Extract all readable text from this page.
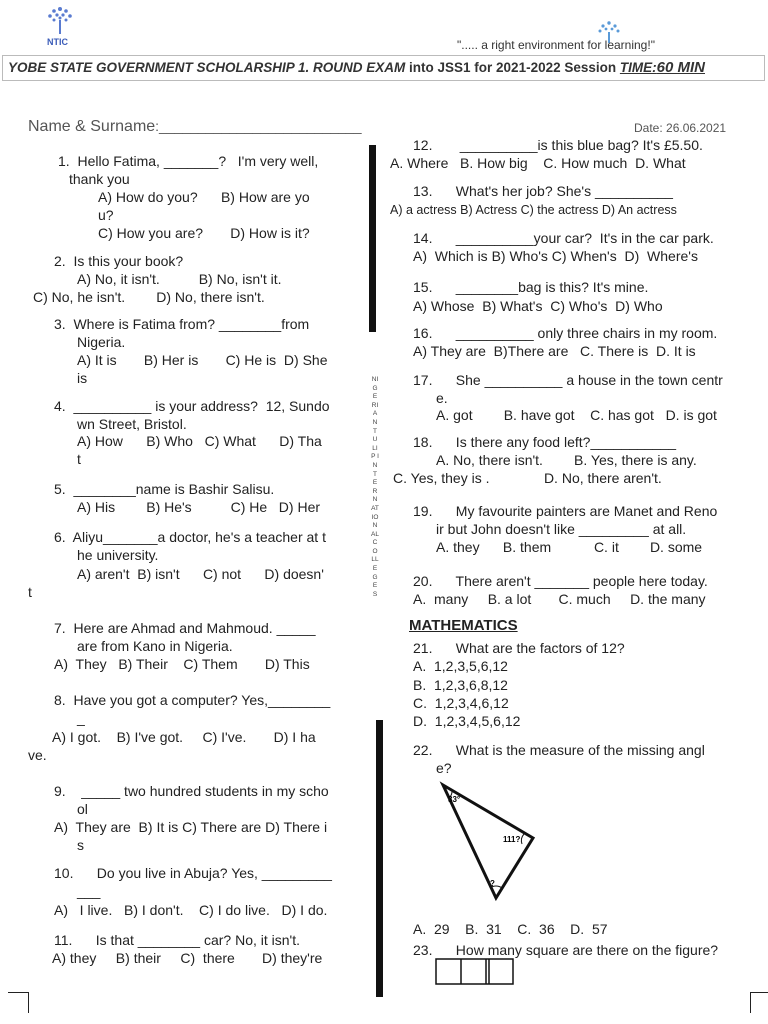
NTIC	"..... a right environment for learning!"
YOBE STATE GOVERNMENT SCHOLARSHIP 1. ROUND EXAM into JSS1 for 2021-2022 Session TIME:60 MIN
Name & Surname:__________________________	Date: 26.06.2021
NIGERIAN TULIP INTERNATIONAL COLLEGES
1.  Hello Fatima, _______?   I'm very well,
thank you
A) How do you?      B) How are yo
u?
C) How you are?       D) How is it?
2.  Is this your book?
A) No, it isn't.          B) No, isn't it.
C) No, he isn't.        D) No, there isn't.
3.  Where is Fatima from? ________from
Nigeria.
A) It is       B) Her is       C) He is  D) She
is
4.  __________ is your address?  12, Sundo
wn Street, Bristol.
A) How      B) Who   C) What      D) Tha
t
5.  ________name is Bashir Salisu.
A) His        B) He's          C) He   D) Her
6.  Aliyu_______a doctor, he's a teacher at t
he university.
A) aren't  B) isn't      C) not      D) doesn'
t
7.  Here are Ahmad and Mahmoud. _____
are from Kano in Nigeria.
A)  They   B) Their    C) Them       D) This
8.  Have you got a computer? Yes,________
_
A) I got.    B) I've got.     C) I've.       D) I ha
ve.
9.    _____ two hundred students in my scho
ol
A)  They are  B) It is C) There are D) There i
s
10.      Do you live in Abuja? Yes, _________
___
A)   I live.   B) I don't.    C) I do live.   D) I do.
11.      Is that ________ car? No, it isn't.
A) they     B) their     C)  there       D) they're
12.       __________is this blue bag? It's £5.50.
A. Where   B. How big    C. How much  D. What
13.      What's her job? She's __________
A) a actress B) Actress C) the actress D) An actress
14.      __________your car?  It's in the car park.
A)  Which is B) Who's C) When's  D)  Where's
15.      ________bag is this? It's mine.
A) Whose  B) What's  C) Who's  D) Who
16.      __________ only three chairs in my room.
A) They are  B)There are   C. There is  D. It is
17.      She __________ a house in the town centr
e.
A. got        B. have got    C. has got   D. is got
18.      Is there any food left?___________
A. No, there isn't.        B. Yes, there is any.
C. Yes, they is .              D. No, there aren't.
19.      My favourite painters are Manet and Reno
ir but John doesn't like _________ at all.
A. they      B. them           C. it        D. some
20.      There aren't _______ people here today.
A.  many     B. a lot       C. much     D. the many
MATHEMATICS
21.      What are the factors of 12?
A.  1,2,3,5,6,12
B.  1,2,3,6,8,12
C.  1,2,3,4,6,12
D.  1,2,3,4,5,6,12
22.      What is the measure of the missing angl
e?
33°
111?
?
A.  29    B.  31    C.  36    D.  57
23.      How many square are there on the figure?
